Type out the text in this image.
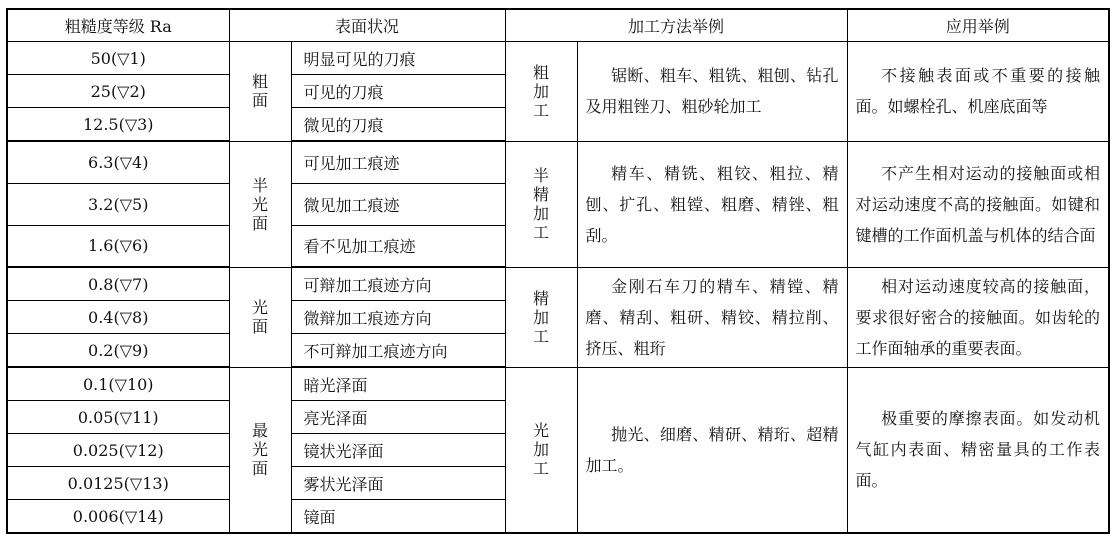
粗糙度等级 Ra	表面状况		加工方法举例		应用举例
50(▽1)	粗面	明显可见的刀痕	粗加工	锯断、粗车、粗铣、粗刨、钻孔及用粗锉刀、粗砂轮加工	不接触表面或不重要的接触面。如螺栓孔、机座底面等
25(▽2)		可见的刀痕			
12.5(▽3)		微见的刀痕			
6.3(▽4)	半光面	可见加工痕迹	半精加工	精车、精铣、粗铰、粗拉、精刨、扩孔、粗镗、粗磨、精锉、粗刮。	不产生相对运动的接触面或相对运动速度不高的接触面。如键和键槽的工作面机盖与机体的结合面
3.2(▽5)		微见加工痕迹			
1.6(▽6)		看不见加工痕迹			
0.8(▽7)	光面	可辩加工痕迹方向	精加工	金刚石车刀的精车、精镗、精磨、精刮、粗研、精铰、精拉削、挤压、粗珩	相对运动速度较高的接触面，要求很好密合的接触面。如齿轮的工作面轴承的重要表面。
0.4(▽8)		微辩加工痕迹方向			
0.2(▽9)		不可辩加工痕迹方向			
0.1(▽10)	最光面	暗光泽面	光加工	抛光、细磨、精研、精珩、超精加工。	极重要的摩擦表面。如发动机气缸内表面、精密量具的工作表面。
0.05(▽11)		亮光泽面			
0.025(▽12)		镜状光泽面			
0.0125(▽13)		雾状光泽面			
0.006(▽14)		镜面			
